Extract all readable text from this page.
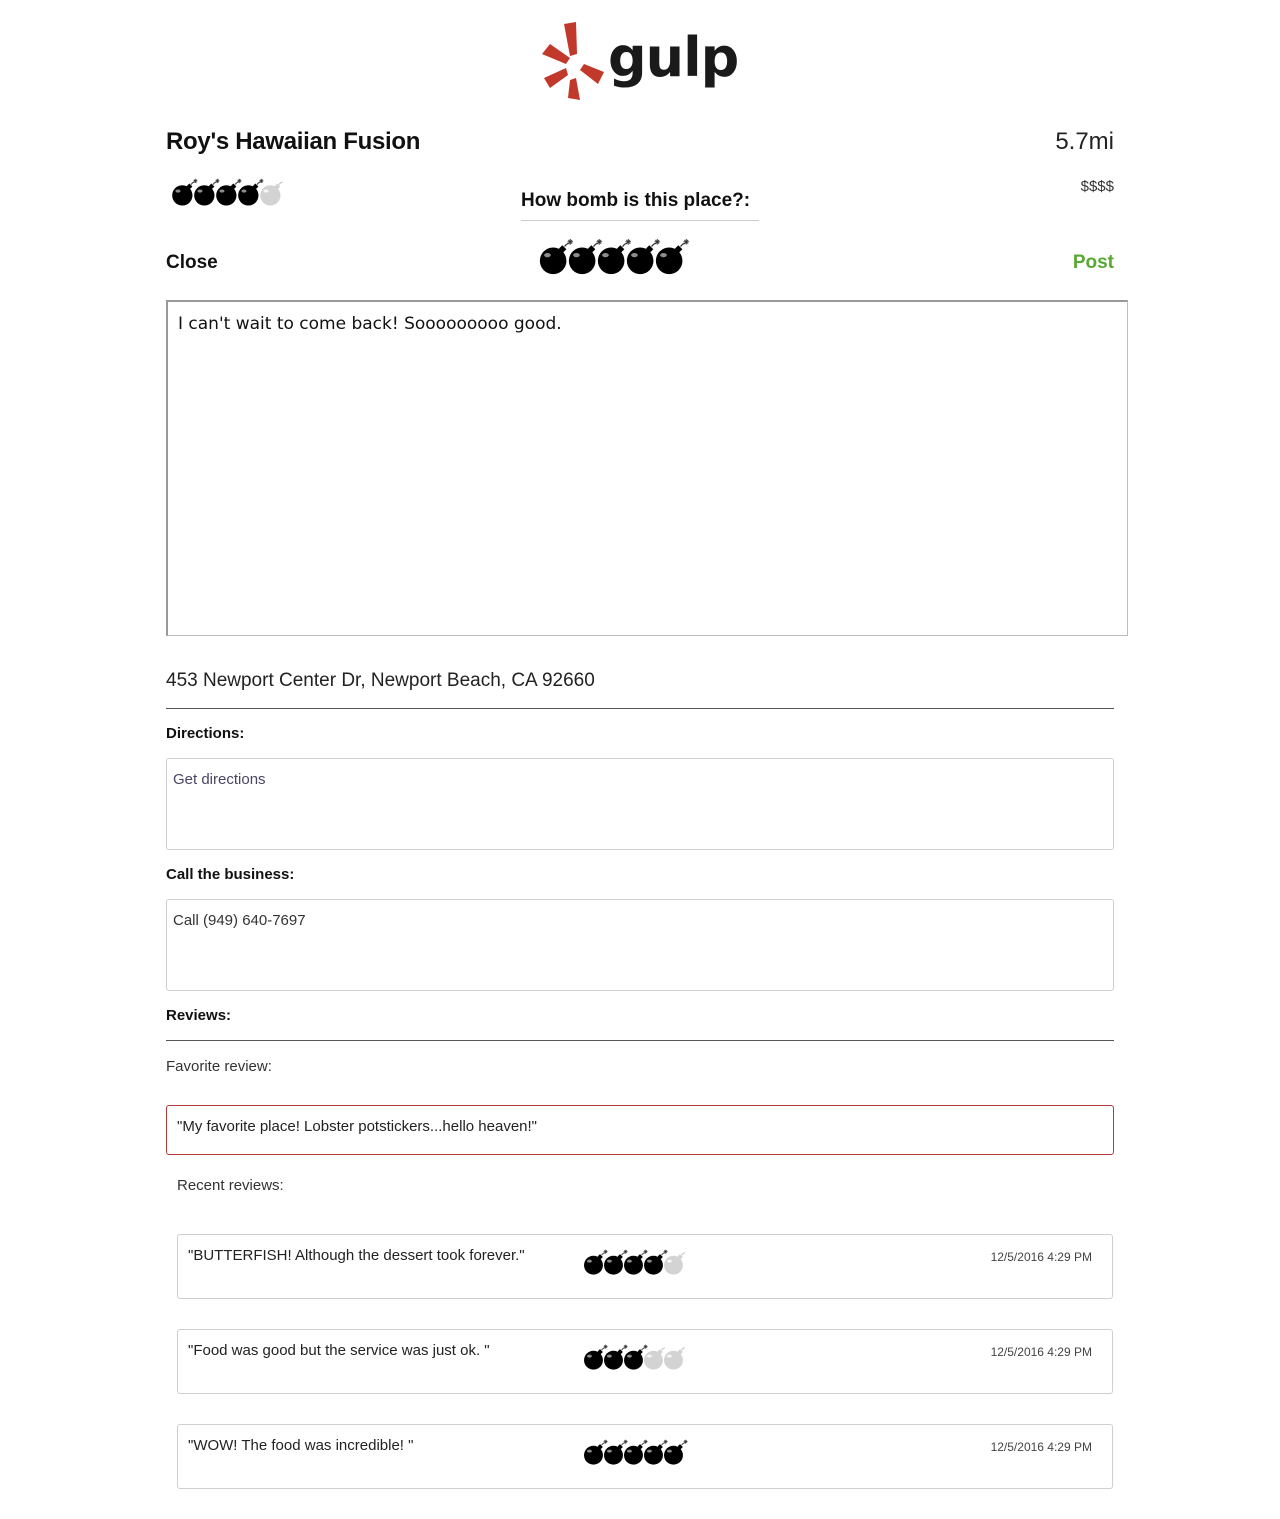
gulp
Roy's Hawaiian Fusion	5.7mi
$$$$
How bomb is this place?:
Close	Post
I can't wait to come back! Sooooooooo good.
453 Newport Center Dr, Newport Beach, CA 92660
Directions:
Get directions
Call the business:
Call (949) 640-7697
Reviews:
Favorite review:
"My favorite place! Lobster potstickers...hello heaven!"
Recent reviews:
"BUTTERFISH! Although the dessert took forever."	12/5/2016 4:29 PM
"Food was good but the service was just ok. "	12/5/2016 4:29 PM
"WOW! The food was incredible! "	12/5/2016 4:29 PM
